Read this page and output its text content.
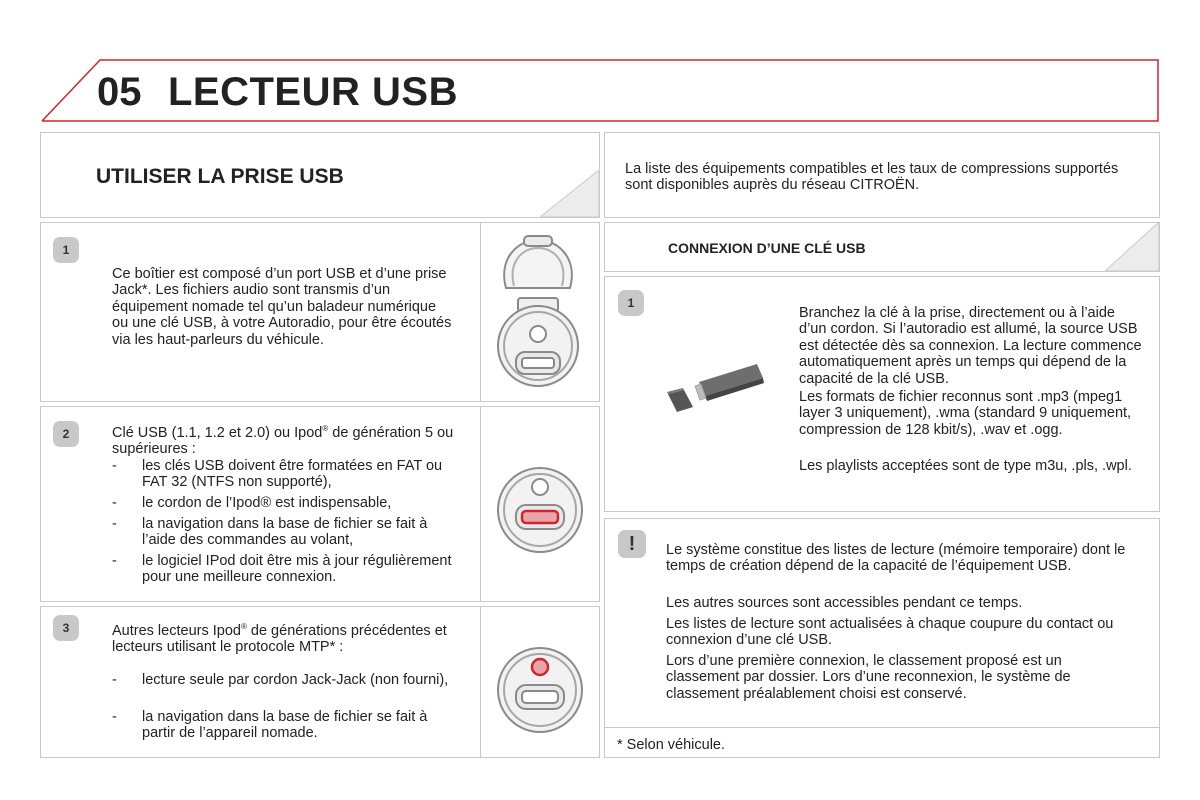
05 LECTEUR USB
UTILISER LA PRISE USB	La liste des équipements compatibles et les taux de compressions supportés sont disponibles auprès du réseau CITROËN.
1
Ce boîtier est composé d’un port USB et d’une prise Jack*. Les fichiers audio sont transmis d’un équipement nomade tel qu’un baladeur numérique ou une clé USB, à votre Autoradio, pour être écoutés via les haut-parleurs du véhicule.
2	Clé USB (1.1, 1.2 et 2.0) ou Ipod® de génération 5 ou supérieures :
- les clés USB doivent être formatées en FAT ou FAT 32 (NTFS non supporté),
- le cordon de l’Ipod® est indispensable,
- la navigation dans la base de fichier se fait à l’aide des commandes au volant,
- le logiciel IPod doit être mis à jour régulièrement pour une meilleure connexion.
3	Autres lecteurs Ipod® de générations précédentes et lecteurs utilisant le protocole MTP* :
- lecture seule par cordon Jack-Jack (non fourni),
- la navigation dans la base de fichier se fait à partir de l’appareil nomade.
CONNEXION D’UNE CLÉ USB
1
Branchez la clé à la prise, directement ou à l’aide d’un cordon. Si l’autoradio est allumé, la source USB est détectée dès sa connexion. La lecture commence automatiquement après un temps qui dépend de la capacité de la clé USB.
Les formats de fichier reconnus sont .mp3 (mpeg1 layer 3 uniquement), .wma (standard 9 uniquement, compression de 128 kbit/s), .wav et .ogg.
Les playlists acceptées sont de type m3u, .pls, .wpl.
!	Le système constitue des listes de lecture (mémoire temporaire) dont le temps de création dépend de la capacité de l’équipement USB.
Les autres sources sont accessibles pendant ce temps.
Les listes de lecture sont actualisées à chaque coupure du contact ou connexion d’une clé USB.
Lors d’une première connexion, le classement proposé est un classement par dossier. Lors d’une reconnexion, le système de classement préalablement choisi est conservé.
* Selon véhicule.
